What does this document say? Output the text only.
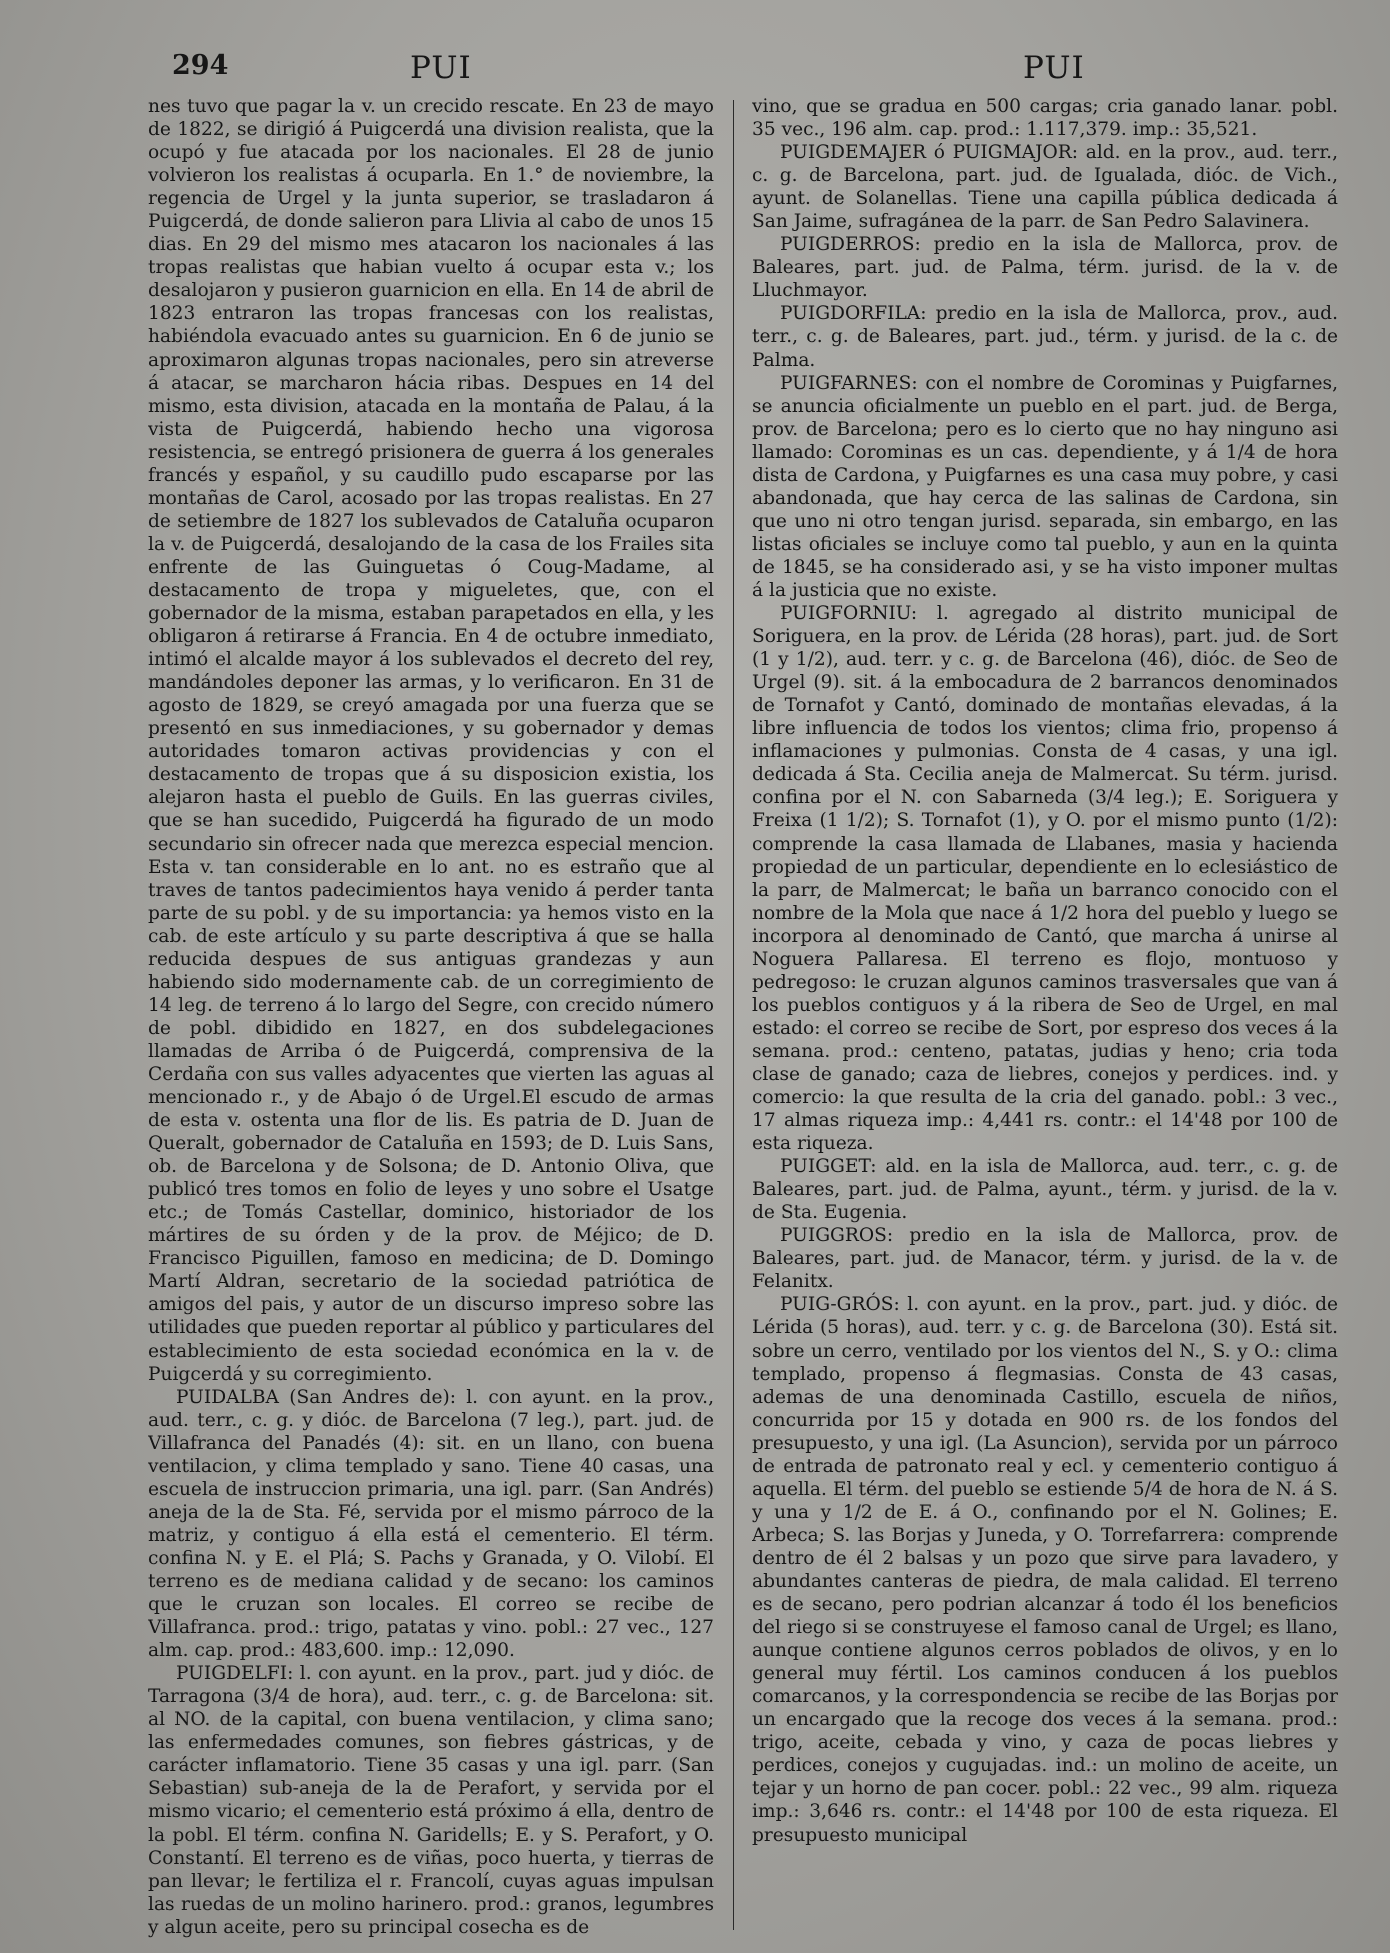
294	PUI	PUI

nes tuvo que pagar la v. un crecido rescate. En 23 de mayo de 1822, se dirigió á Puigcerdá una division realista, que la ocupó y fue atacada por los nacionales. El 28 de junio volvieron los realistas á ocuparla. En 1.° de noviembre, la regencia de Urgel y la junta superior, se trasladaron á Puigcerdá, de donde salieron para Llivia al cabo de unos 15 dias. En 29 del mismo mes atacaron los nacionales á las tropas realistas que habian vuelto á ocupar esta v.; los desalojaron y pusieron guarnicion en ella. En 14 de abril de 1823 entraron las tropas francesas con los realistas, habiéndola evacuado antes su guarnicion. En 6 de junio se aproximaron algunas tropas nacionales, pero sin atreverse á atacar, se marcharon hácia ribas. Despues en 14 del mismo, esta division, atacada en la montaña de Palau, á la vista de Puigcerdá, habiendo hecho una vigorosa resistencia, se entregó prisionera de guerra á los generales francés y español, y su caudillo pudo escaparse por las montañas de Carol, acosado por las tropas realistas. En 27 de setiembre de 1827 los sublevados de Cataluña ocuparon la v. de Puigcerdá, desalojando de la casa de los Frailes sita enfrente de las Guinguetas ó Coug-Madame, al destacamento de tropa y migueletes, que, con el gobernador de la misma, estaban parapetados en ella, y les obligaron á retirarse á Francia. En 4 de octubre inmediato, intimó el alcalde mayor á los sublevados el decreto del rey, mandándoles deponer las armas, y lo verificaron. En 31 de agosto de 1829, se creyó amagada por una fuerza que se presentó en sus inmediaciones, y su gobernador y demas autoridades tomaron activas providencias y con el destacamento de tropas que á su disposicion existia, los alejaron hasta el pueblo de Guils. En las guerras civiles, que se han sucedido, Puigcerdá ha figurado de un modo secundario sin ofrecer nada que merezca especial mencion. Esta v. tan considerable en lo ant. no es estraño que al traves de tantos padecimientos haya venido á perder tanta parte de su pobl. y de su importancia: ya hemos visto en la cab. de este artículo y su parte descriptiva á que se halla reducida despues de sus antiguas grandezas y aun habiendo sido modernamente cab. de un corregimiento de 14 leg. de terreno á lo largo del Segre, con crecido número de pobl. dibidido en 1827, en dos subdelegaciones llamadas de Arriba ó de Puigcerdá, comprensiva de la Cerdaña con sus valles adyacentes que vierten las aguas al mencionado r., y de Abajo ó de Urgel.El escudo de armas de esta v. ostenta una flor de lis. Es patria de D. Juan de Queralt, gobernador de Cataluña en 1593; de D. Luis Sans, ob. de Barcelona y de Solsona; de D. Antonio Oliva, que publicó tres tomos en folio de leyes y uno sobre el Usatge etc.; de Tomás Castellar, dominico, historiador de los mártires de su órden y de la prov. de Méjico; de D. Francisco Piguillen, famoso en medicina; de D. Domingo Martí Aldran, secretario de la sociedad patriótica de amigos del pais, y autor de un discurso impreso sobre las utilidades que pueden reportar al público y particulares del establecimiento de esta sociedad económica en la v. de Puigcerdá y su corregimiento.

PUIDALBA (San Andres de): l. con ayunt. en la prov., aud. terr., c. g. y dióc. de Barcelona (7 leg.), part. jud. de Villafranca del Panadés (4): sit. en un llano, con buena ventilacion, y clima templado y sano. Tiene 40 casas, una escuela de instruccion primaria, una igl. parr. (San Andrés) aneja de la de Sta. Fé, servida por el mismo párroco de la matriz, y contiguo á ella está el cementerio. El térm. confina N. y E. el Plá; S. Pachs y Granada, y O. Vilobí. El terreno es de mediana calidad y de secano: los caminos que le cruzan son locales. El correo se recibe de Villafranca. prod.: trigo, patatas y vino. pobl.: 27 vec., 127 alm. cap. prod.: 483,600. imp.: 12,090.

PUIGDELFI: l. con ayunt. en la prov., part. jud y dióc. de Tarragona (3/4 de hora), aud. terr., c. g. de Barcelona: sit. al NO. de la capital, con buena ventilacion, y clima sano; las enfermedades comunes, son fiebres gástricas, y de carácter inflamatorio. Tiene 35 casas y una igl. parr. (San Sebastian) sub-aneja de la de Perafort, y servida por el mismo vicario; el cementerio está próximo á ella, dentro de la pobl. El térm. confina N. Garidells; E. y S. Perafort, y O. Constantí. El terreno es de viñas, poco huerta, y tierras de pan llevar; le fertiliza el r. Francolí, cuyas aguas impulsan las ruedas de un molino harinero. prod.: granos, legumbres y algun aceite, pero su principal cosecha es de

vino, que se gradua en 500 cargas; cria ganado lanar. pobl. 35 vec., 196 alm. cap. prod.: 1.117,379. imp.: 35,521.

PUIGDEMAJER ó PUIGMAJOR: ald. en la prov., aud. terr., c. g. de Barcelona, part. jud. de Igualada, dióc. de Vich., ayunt. de Solanellas. Tiene una capilla pública dedicada á San Jaime, sufragánea de la parr. de San Pedro Salavinera.

PUIGDERROS: predio en la isla de Mallorca, prov. de Baleares, part. jud. de Palma, térm. jurisd. de la v. de Lluchmayor.

PUIGDORFILA: predio en la isla de Mallorca, prov., aud. terr., c. g. de Baleares, part. jud., térm. y jurisd. de la c. de Palma.

PUIGFARNES: con el nombre de Corominas y Puigfarnes, se anuncia oficialmente un pueblo en el part. jud. de Berga, prov. de Barcelona; pero es lo cierto que no hay ninguno asi llamado: Corominas es un cas. dependiente, y á 1/4 de hora dista de Cardona, y Puigfarnes es una casa muy pobre, y casi abandonada, que hay cerca de las salinas de Cardona, sin que uno ni otro tengan jurisd. separada, sin embargo, en las listas oficiales se incluye como tal pueblo, y aun en la quinta de 1845, se ha considerado asi, y se ha visto imponer multas á la justicia que no existe.

PUIGFORNIU: l. agregado al distrito municipal de Soriguera, en la prov. de Lérida (28 horas), part. jud. de Sort (1 y 1/2), aud. terr. y c. g. de Barcelona (46), dióc. de Seo de Urgel (9). sit. á la embocadura de 2 barrancos denominados de Tornafot y Cantó, dominado de montañas elevadas, á la libre influencia de todos los vientos; clima frio, propenso á inflamaciones y pulmonias. Consta de 4 casas, y una igl. dedicada á Sta. Cecilia aneja de Malmercat. Su térm. jurisd. confina por el N. con Sabarneda (3/4 leg.); E. Soriguera y Freixa (1 1/2); S. Tornafot (1), y O. por el mismo punto (1/2): comprende la casa llamada de Llabanes, masia y hacienda propiedad de un particular, dependiente en lo eclesiástico de la parr, de Malmercat; le baña un barranco conocido con el nombre de la Mola que nace á 1/2 hora del pueblo y luego se incorpora al denominado de Cantó, que marcha á unirse al Noguera Pallaresa. El terreno es flojo, montuoso y pedregoso: le cruzan algunos caminos trasversales que van á los pueblos contiguos y á la ribera de Seo de Urgel, en mal estado: el correo se recibe de Sort, por espreso dos veces á la semana. prod.: centeno, patatas, judias y heno; cria toda clase de ganado; caza de liebres, conejos y perdices. ind. y comercio: la que resulta de la cria del ganado. pobl.: 3 vec., 17 almas riqueza imp.: 4,441 rs. contr.: el 14'48 por 100 de esta riqueza.

PUIGGET: ald. en la isla de Mallorca, aud. terr., c. g. de Baleares, part. jud. de Palma, ayunt., térm. y jurisd. de la v. de Sta. Eugenia.

PUIGGROS: predio en la isla de Mallorca, prov. de Baleares, part. jud. de Manacor, térm. y jurisd. de la v. de Felanitx.

PUIG-GRÓS: l. con ayunt. en la prov., part. jud. y dióc. de Lérida (5 horas), aud. terr. y c. g. de Barcelona (30). Está sit. sobre un cerro, ventilado por los vientos del N., S. y O.: clima templado, propenso á flegmasias. Consta de 43 casas, ademas de una denominada Castillo, escuela de niños, concurrida por 15 y dotada en 900 rs. de los fondos del presupuesto, y una igl. (La Asuncion), servida por un párroco de entrada de patronato real y ecl. y cementerio contiguo á aquella. El térm. del pueblo se estiende 5/4 de hora de N. á S. y una y 1/2 de E. á O., confinando por el N. Golines; E. Arbeca; S. las Borjas y Juneda, y O. Torrefarrera: comprende dentro de él 2 balsas y un pozo que sirve para lavadero, y abundantes canteras de piedra, de mala calidad. El terreno es de secano, pero podrian alcanzar á todo él los beneficios del riego si se construyese el famoso canal de Urgel; es llano, aunque contiene algunos cerros poblados de olivos, y en lo general muy fértil. Los caminos conducen á los pueblos comarcanos, y la correspondencia se recibe de las Borjas por un encargado que la recoge dos veces á la semana. prod.: trigo, aceite, cebada y vino, y caza de pocas liebres y perdices, conejos y cugujadas. ind.: un molino de aceite, un tejar y un horno de pan cocer. pobl.: 22 vec., 99 alm. riqueza imp.: 3,646 rs. contr.: el 14'48 por 100 de esta riqueza. El presupuesto municipal
